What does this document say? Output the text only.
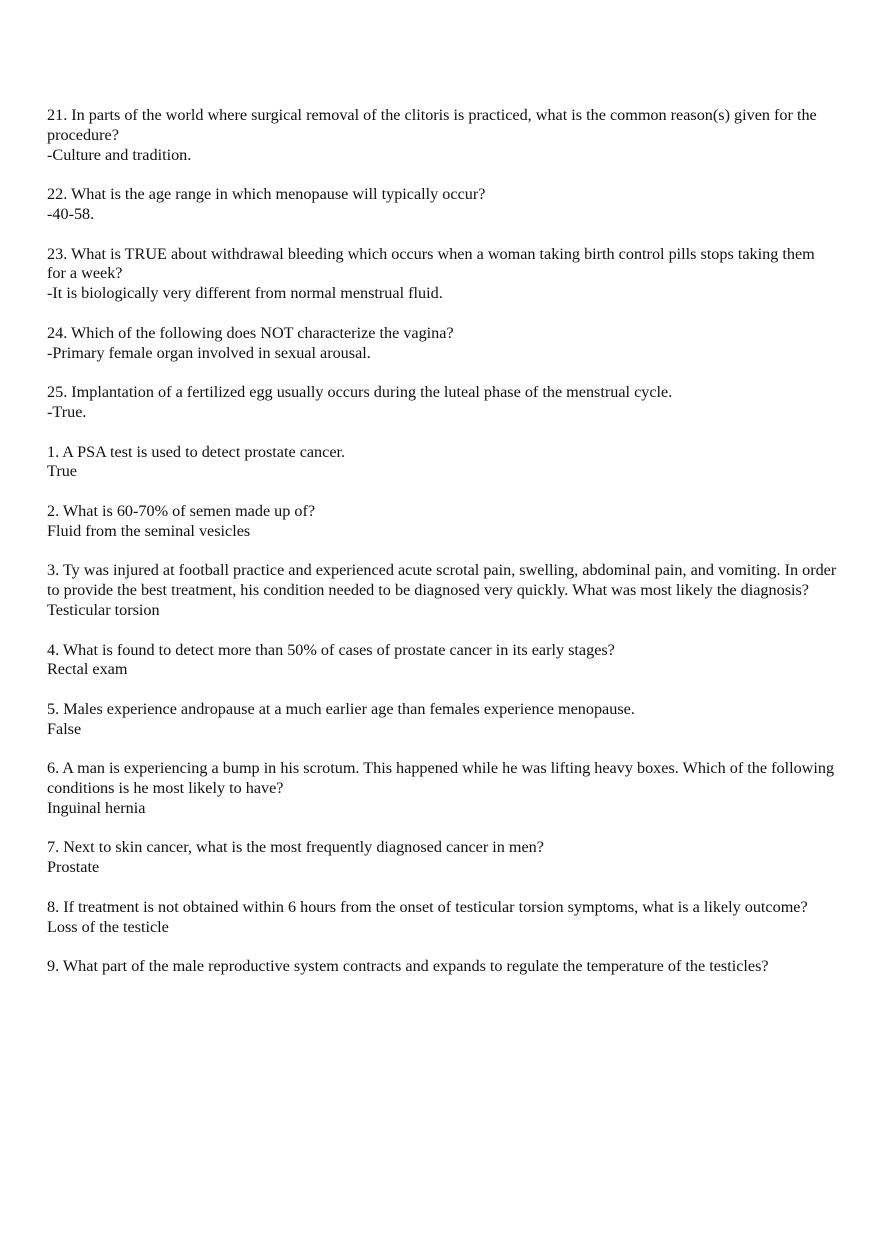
21. In parts of the world where surgical removal of the clitoris is practiced, what is the common reason(s) given for the procedure?
-Culture and tradition.
22. What is the age range in which menopause will typically occur?
-40-58.
23. What is TRUE about withdrawal bleeding which occurs when a woman taking birth control pills stops taking them for a week?
-It is biologically very different from normal menstrual fluid.
24. Which of the following does NOT characterize the vagina?
-Primary female organ involved in sexual arousal.
25. Implantation of a fertilized egg usually occurs during the luteal phase of the menstrual cycle.
-True.
1. A PSA test is used to detect prostate cancer.
True
2. What is 60-70% of semen made up of?
Fluid from the seminal vesicles
3. Ty was injured at football practice and experienced acute scrotal pain, swelling, abdominal pain, and vomiting. In order to provide the best treatment, his condition needed to be diagnosed very quickly. What was most likely the diagnosis?
Testicular torsion
4. What is found to detect more than 50% of cases of prostate cancer in its early stages?
Rectal exam
5. Males experience andropause at a much earlier age than females experience menopause.
False
6. A man is experiencing a bump in his scrotum. This happened while he was lifting heavy boxes. Which of the following conditions is he most likely to have?
Inguinal hernia
7. Next to skin cancer, what is the most frequently diagnosed cancer in men?
Prostate
8. If treatment is not obtained within 6 hours from the onset of testicular torsion symptoms, what is a likely outcome?
Loss of the testicle
9. What part of the male reproductive system contracts and expands to regulate the temperature of the testicles?
